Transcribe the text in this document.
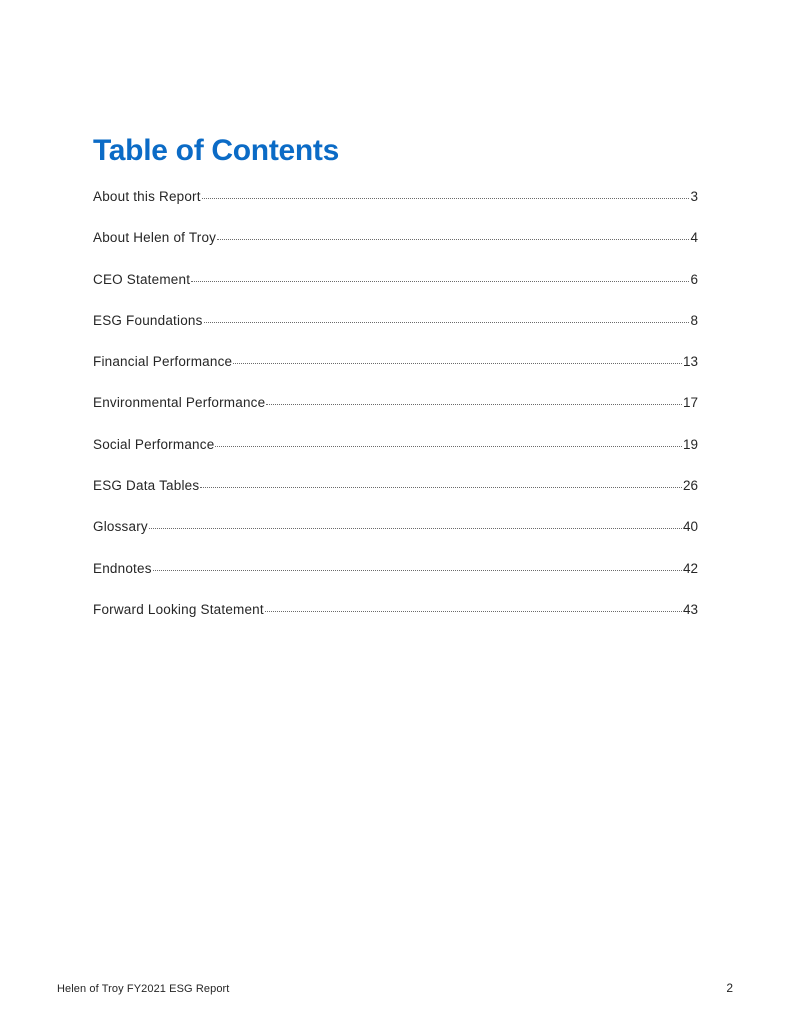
Table of Contents
About this Report	3
About Helen of Troy	4
CEO Statement	6
ESG Foundations	8
Financial Performance	13
Environmental Performance	17
Social Performance	19
ESG Data Tables	26
Glossary	40
Endnotes	42
Forward Looking Statement	43
Helen of Troy FY2021 ESG Report	2
